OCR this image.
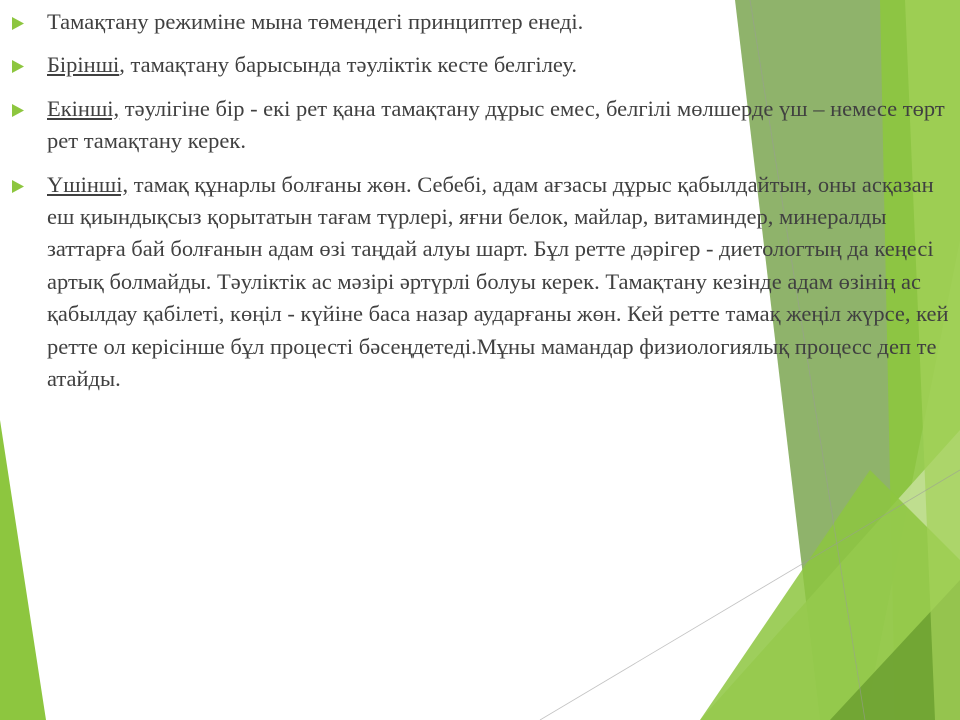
Тамақтану режиміне мына төмендегі принциптер енеді.
Бірінші, тамақтану барысында тәуліктік кесте белгілеу.
Екінші, тәулігіне бір - екі рет қана тамақтану дұрыс емес, белгілі мөлшерде үш – немесе төрт рет тамақтану керек.
Үшінші, тамақ құнарлы болғаны жөн. Себебі, адам ағзасы дұрыс қабылдайтын, оны асқазан еш қиындықсыз қорытатын тағам түрлері, яғни белок, майлар, витаминдер, минералды заттарға бай болғанын адам өзі таңдай алуы шарт. Бұл ретте дәрігер - диетологтың да кеңесі артық болмайды. Тәуліктік ас мәзірі әртүрлі болуы керек. Тамақтану кезінде адам өзінің ас қабылдау қабілеті, көңіл - күйіне баса назар аударғаны жөн. Кей ретте тамақ жеңіл жүрсе, кей ретте ол керісінше бұл процесті бәсеңдетеді.Мұны мамандар физиологиялық процесс деп те атайды.
